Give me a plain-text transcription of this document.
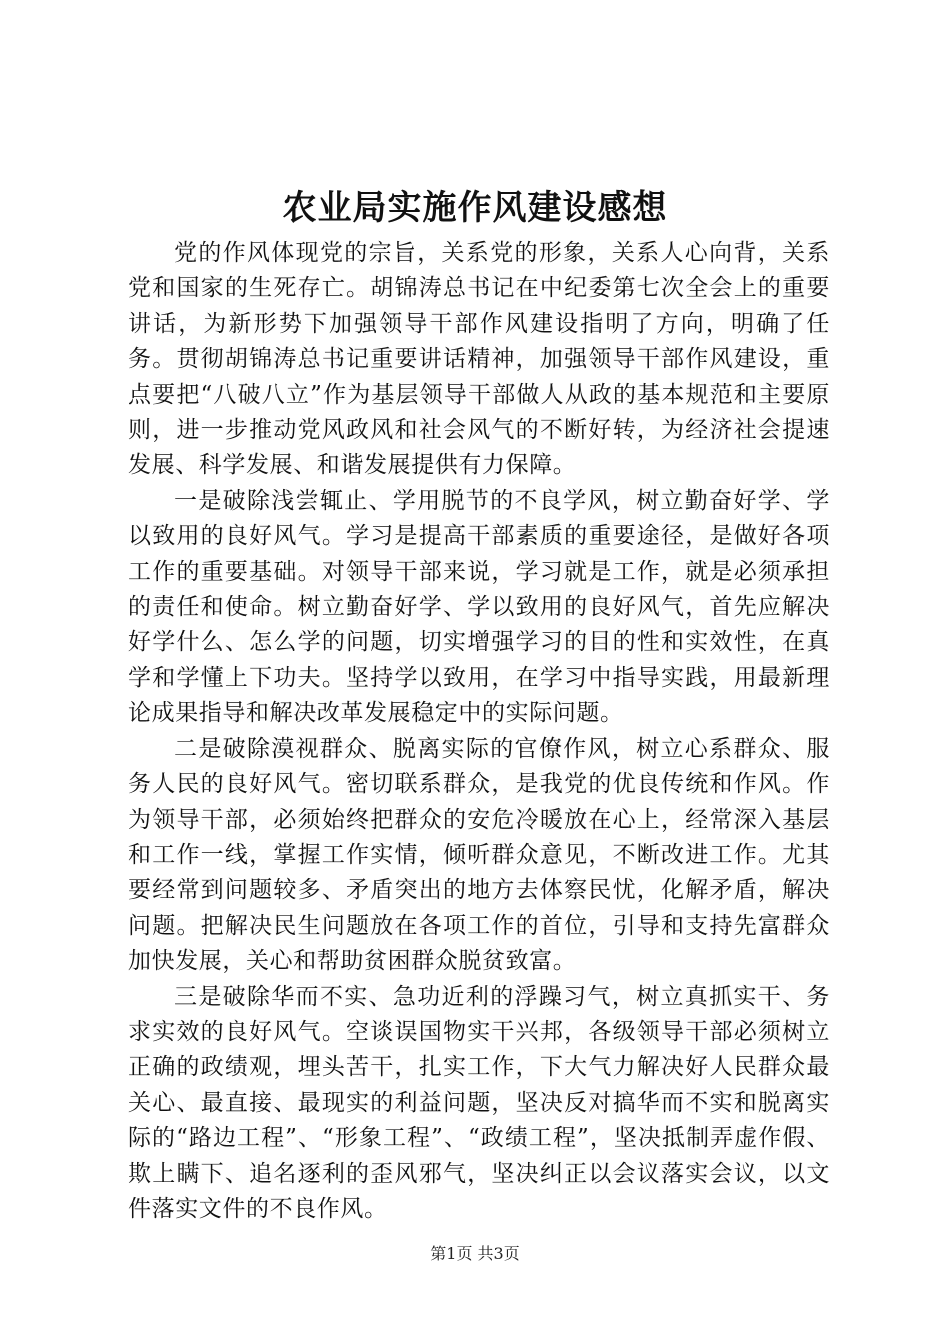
农业局实施作风建设感想

党的作风体现党的宗旨，关系党的形象，关系人心向背，关系党和国家的生死存亡。胡锦涛总书记在中纪委第七次全会上的重要讲话，为新形势下加强领导干部作风建设指明了方向，明确了任务。贯彻胡锦涛总书记重要讲话精神，加强领导干部作风建设，重点要把“八破八立”作为基层领导干部做人从政的基本规范和主要原则，进一步推动党风政风和社会风气的不断好转，为经济社会提速发展、科学发展、和谐发展提供有力保障。

一是破除浅尝辄止、学用脱节的不良学风，树立勤奋好学、学以致用的良好风气。学习是提高干部素质的重要途径，是做好各项工作的重要基础。对领导干部来说，学习就是工作，就是必须承担的责任和使命。树立勤奋好学、学以致用的良好风气，首先应解决好学什么、怎么学的问题，切实增强学习的目的性和实效性，在真学和学懂上下功夫。坚持学以致用，在学习中指导实践，用最新理论成果指导和解决改革发展稳定中的实际问题。

二是破除漠视群众、脱离实际的官僚作风，树立心系群众、服务人民的良好风气。密切联系群众，是我党的优良传统和作风。作为领导干部，必须始终把群众的安危冷暖放在心上，经常深入基层和工作一线，掌握工作实情，倾听群众意见，不断改进工作。尤其要经常到问题较多、矛盾突出的地方去体察民忧，化解矛盾，解决问题。把解决民生问题放在各项工作的首位，引导和支持先富群众加快发展，关心和帮助贫困群众脱贫致富。

三是破除华而不实、急功近利的浮躁习气，树立真抓实干、务求实效的良好风气。空谈误国物实干兴邦，各级领导干部必须树立正确的政绩观，埋头苦干，扎实工作，下大气力解决好人民群众最关心、最直接、最现实的利益问题，坚决反对搞华而不实和脱离实际的“路边工程”、“形象工程”、“政绩工程”，坚决抵制弄虚作假、欺上瞒下、追名逐利的歪风邪气，坚决纠正以会议落实会议，以文件落实文件的不良作风。

第1页 共3页
